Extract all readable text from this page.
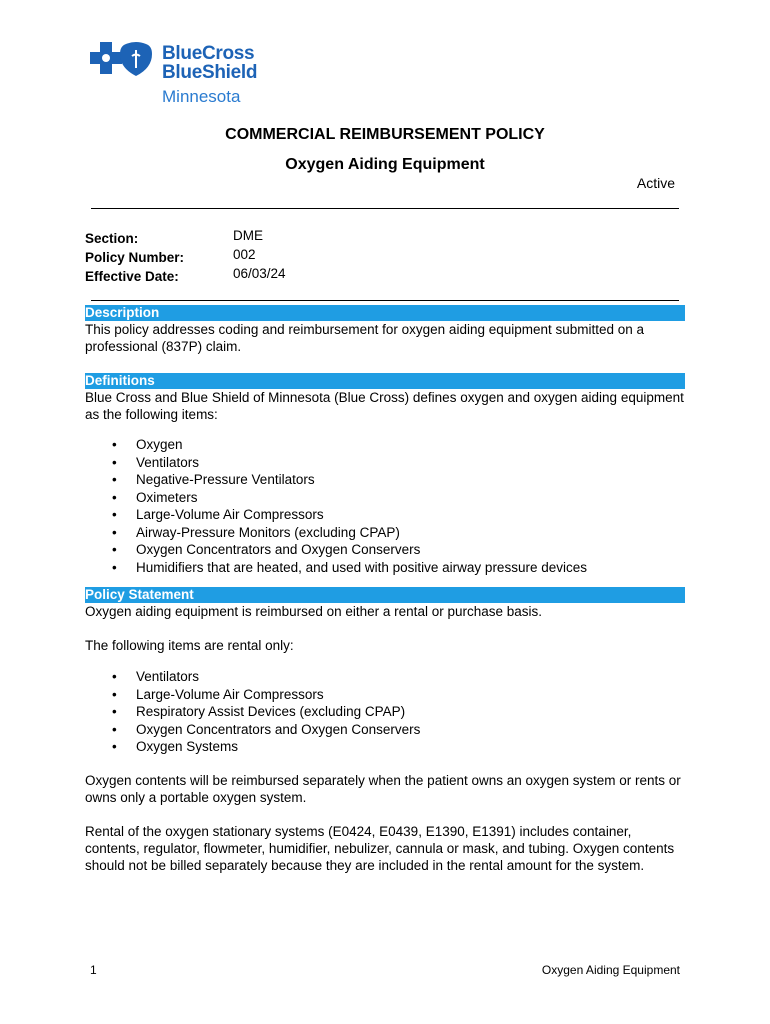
BlueCross
BlueShield
Minnesota
COMMERCIAL REIMBURSEMENT POLICY
Oxygen Aiding Equipment
Active
Section:	DME
Policy Number:	002
Effective Date:	06/03/24
Description

This policy addresses coding and reimbursement for oxygen aiding equipment submitted on a professional (837P) claim.

Definitions

Blue Cross and Blue Shield of Minnesota (Blue Cross) defines oxygen and oxygen aiding equipment as the following items:

• Oxygen
• Ventilators
• Negative-Pressure Ventilators
• Oximeters
• Large-Volume Air Compressors
• Airway-Pressure Monitors (excluding CPAP)
• Oxygen Concentrators and Oxygen Conservers
• Humidifiers that are heated, and used with positive airway pressure devices
Policy Statement

Oxygen aiding equipment is reimbursed on either a rental or purchase basis.

The following items are rental only:

• Ventilators
• Large-Volume Air Compressors
• Respiratory Assist Devices (excluding CPAP)
• Oxygen Concentrators and Oxygen Conservers
• Oxygen Systems

Oxygen contents will be reimbursed separately when the patient owns an oxygen system or rents or owns only a portable oxygen system.

Rental of the oxygen stationary systems (E0424, E0439, E1390, E1391) includes container, contents, regulator, flowmeter, humidifier, nebulizer, cannula or mask, and tubing. Oxygen contents should not be billed separately because they are included in the rental amount for the system.

1	Oxygen Aiding Equipment
